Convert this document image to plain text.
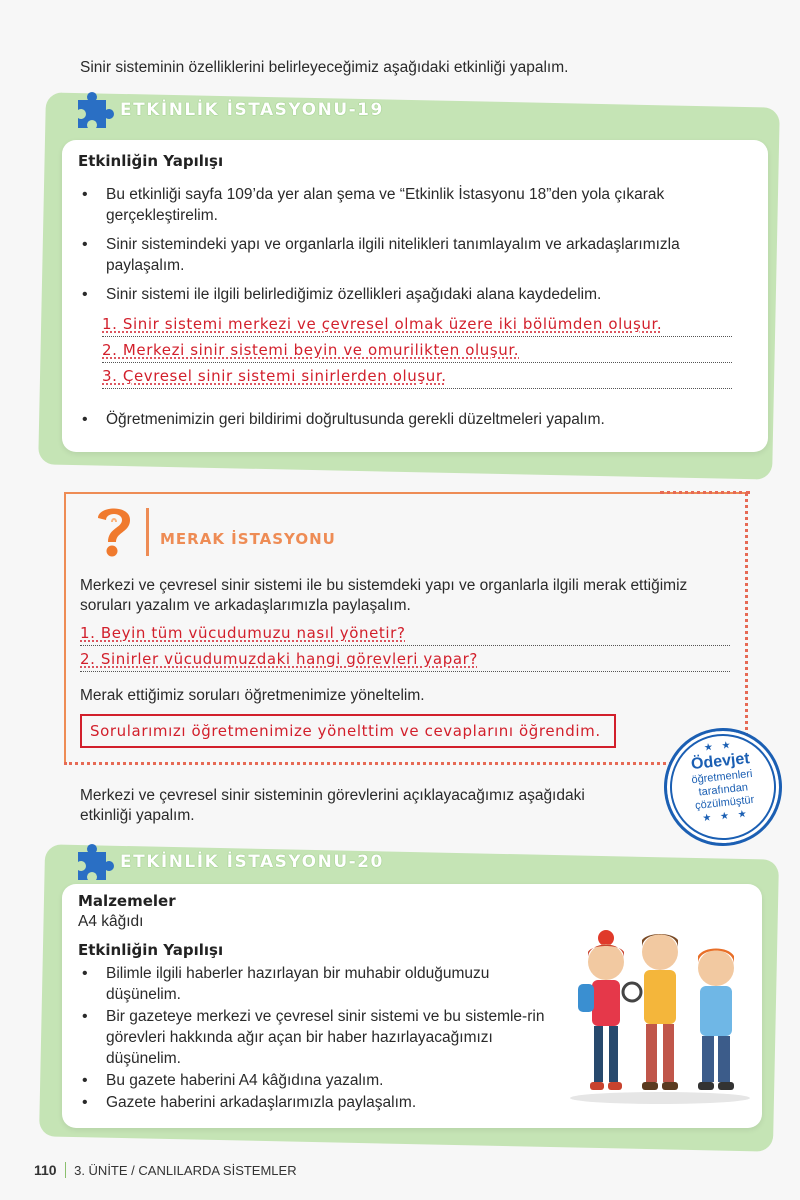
Sinir sisteminin özelliklerini belirleyeceğimiz aşağıdaki etkinliği yapalım.

ETKİNLİK İSTASYONU-19
Etkinliğin Yapılışı
• Bu etkinliği sayfa 109’da yer alan şema ve “Etkinlik İstasyonu 18”den yola çıkarak gerçekleştirelim.
• Sinir sistemindeki yapı ve organlarla ilgili nitelikleri tanımlayalım ve arkadaşlarımızla paylaşalım.
• Sinir sistemi ile ilgili belirlediğimiz özellikleri aşağıdaki alana kaydedelim.
1. Sinir sistemi merkezi ve çevresel olmak üzere iki bölümden oluşur.
2. Merkezi sinir sistemi beyin ve omurilikten oluşur.
3. Çevresel sinir sistemi sinirlerden oluşur.
• Öğretmenimizin geri bildirimi doğrultusunda gerekli düzeltmeleri yapalım.
MERAK İSTASYONU

Merkezi ve çevresel sinir sistemi ile bu sistemdeki yapı ve organlarla ilgili merak ettiğimiz soruları yazalım ve arkadaşlarımızla paylaşalım.

1. Beyin tüm vücudumuzu nasıl yönetir?
2. Sinirler vücudumuzdaki hangi görevleri yapar?

Merak ettiğimiz soruları öğretmenimize yöneltelim.

Sorularımızı öğretmenimize yönelttim ve cevaplarını öğrendim.
★ ★
Ödevjet
öğretmenleri
tarafından
çözülmüştür
★ ★ ★

Merkezi ve çevresel sinir sisteminin görevlerini açıklayacağımız aşağıdaki etkinliği yapalım.

ETKİNLİK İSTASYONU-20
Malzemeler
A4 kâğıdı
Etkinliğin Yapılışı
• Bilimle ilgili haberler hazırlayan bir muhabir olduğumuzu düşünelim.
• Bir gazeteye merkezi ve çevresel sinir sistemi ve bu sistemle-rin görevleri hakkında ağır açan bir haber hazırlayacağımızı düşünelim.
• Bu gazete haberini A4 kâğıdına yazalım.
• Gazete haberini arkadaşlarımızla paylaşalım.
110 3. ÜNİTE / CANLILARDA SİSTEMLER
